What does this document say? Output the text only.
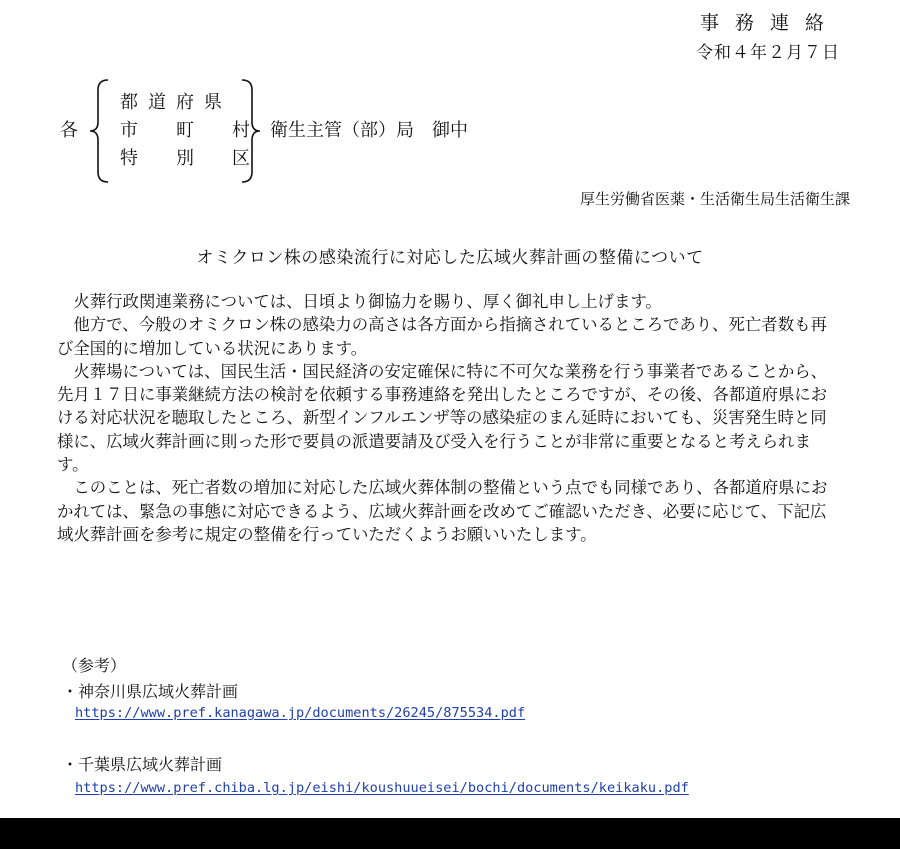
事務連絡
令和４年２月７日
各
都道府県
市　町　村
特　別　区
衛生主管（部）局　御中
厚生労働省医薬・生活衛生局生活衛生課
オミクロン株の感染流行に対応した広域火葬計画の整備について

火葬行政関連業務については、日頃より御協力を賜り、厚く御礼申し上げます。

他方で、今般のオミクロン株の感染力の高さは各方面から指摘されているところであり、死亡者数も再び全国的に増加している状況にあります。

火葬場については、国民生活・国民経済の安定確保に特に不可欠な業務を行う事業者であることから、先月１７日に事業継続方法の検討を依頼する事務連絡を発出したところですが、その後、各都道府県における対応状況を聴取したところ、新型インフルエンザ等の感染症のまん延時においても、災害発生時と同様に、広域火葬計画に則った形で要員の派遣要請及び受入を行うことが非常に重要となると考えられます。

このことは、死亡者数の増加に対応した広域火葬体制の整備という点でも同様であり、各都道府県におかれては、緊急の事態に対応できるよう、広域火葬計画を改めてご確認いただき、必要に応じて、下記広域火葬計画を参考に規定の整備を行っていただくようお願いいたします。

（参考）
・神奈川県広域火葬計画
https://www.pref.kanagawa.jp/documents/26245/875534.pdf
・千葉県広域火葬計画
https://www.pref.chiba.lg.jp/eishi/koushuueisei/bochi/documents/keikaku.pdf
